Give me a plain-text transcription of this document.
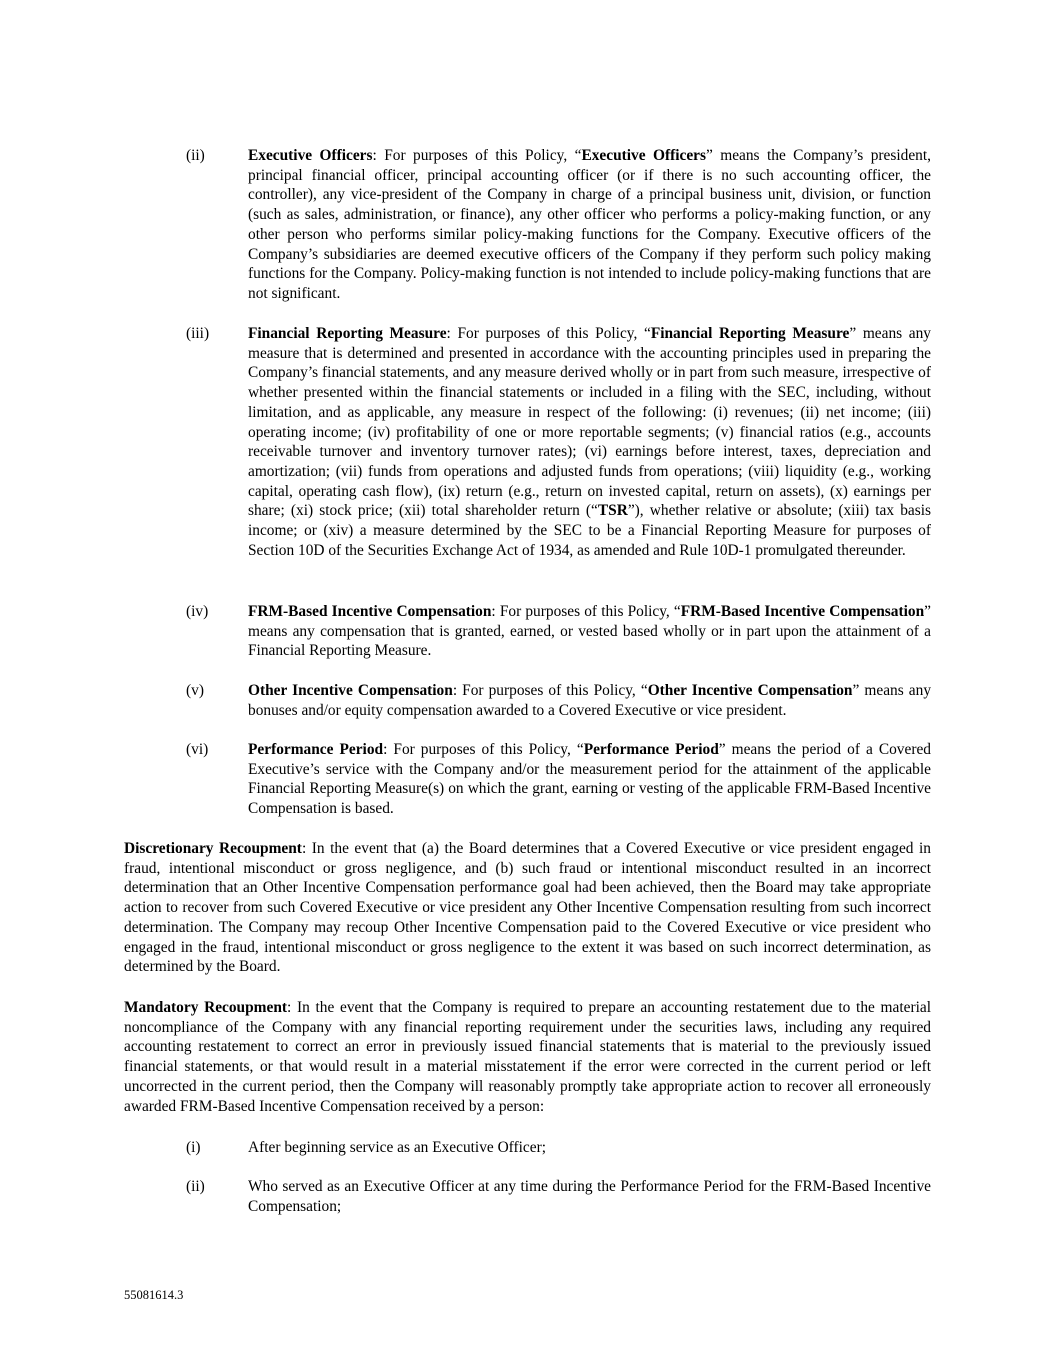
(ii)	Executive Officers: For purposes of this Policy, “Executive Officers” means the Company’s president, principal financial officer, principal accounting officer (or if there is no such accounting officer, the controller), any vice-president of the Company in charge of a principal business unit, division, or function (such as sales, administration, or finance), any other officer who performs a policy-making function, or any other person who performs similar policy-making functions for the Company. Executive officers of the Company’s subsidiaries are deemed executive officers of the Company if they perform such policy making functions for the Company. Policy-making function is not intended to include policy-making functions that are not significant.
(iii)	Financial Reporting Measure: For purposes of this Policy, “Financial Reporting Measure” means any measure that is determined and presented in accordance with the accounting principles used in preparing the Company’s financial statements, and any measure derived wholly or in part from such measure, irrespective of whether presented within the financial statements or included in a filing with the SEC, including, without limitation, and as applicable, any measure in respect of the following: (i) revenues; (ii) net income; (iii) operating income; (iv) profitability of one or more reportable segments; (v) financial ratios (e.g., accounts receivable turnover and inventory turnover rates); (vi) earnings before interest, taxes, depreciation and amortization; (vii) funds from operations and adjusted funds from operations; (viii) liquidity (e.g., working capital, operating cash flow), (ix) return (e.g., return on invested capital, return on assets), (x) earnings per share; (xi) stock price; (xii) total shareholder return (“TSR”), whether relative or absolute; (xiii) tax basis income; or (xiv) a measure determined by the SEC to be a Financial Reporting Measure for purposes of Section 10D of the Securities Exchange Act of 1934, as amended and Rule 10D-1 promulgated thereunder.
(iv)	FRM-Based Incentive Compensation: For purposes of this Policy, “FRM-Based Incentive Compensation” means any compensation that is granted, earned, or vested based wholly or in part upon the attainment of a Financial Reporting Measure.
(v)	Other Incentive Compensation: For purposes of this Policy, “Other Incentive Compensation” means any bonuses and/or equity compensation awarded to a Covered Executive or vice president.
(vi)	Performance Period: For purposes of this Policy, “Performance Period” means the period of a Covered Executive’s service with the Company and/or the measurement period for the attainment of the applicable Financial Reporting Measure(s) on which the grant, earning or vesting of the applicable FRM-Based Incentive Compensation is based.
Discretionary Recoupment: In the event that (a) the Board determines that a Covered Executive or vice president engaged in fraud, intentional misconduct or gross negligence, and (b) such fraud or intentional misconduct resulted in an incorrect determination that an Other Incentive Compensation performance goal had been achieved, then the Board may take appropriate action to recover from such Covered Executive or vice president any Other Incentive Compensation resulting from such incorrect determination. The Company may recoup Other Incentive Compensation paid to the Covered Executive or vice president who engaged in the fraud, intentional misconduct or gross negligence to the extent it was based on such incorrect determination, as determined by the Board.
Mandatory Recoupment: In the event that the Company is required to prepare an accounting restatement due to the material noncompliance of the Company with any financial reporting requirement under the securities laws, including any required accounting restatement to correct an error in previously issued financial statements that is material to the previously issued financial statements, or that would result in a material misstatement if the error were corrected in the current period or left uncorrected in the current period, then the Company will reasonably promptly take appropriate action to recover all erroneously awarded FRM-Based Incentive Compensation received by a person:
(i)	After beginning service as an Executive Officer;
(ii)	Who served as an Executive Officer at any time during the Performance Period for the FRM-Based Incentive Compensation;
55081614.3
